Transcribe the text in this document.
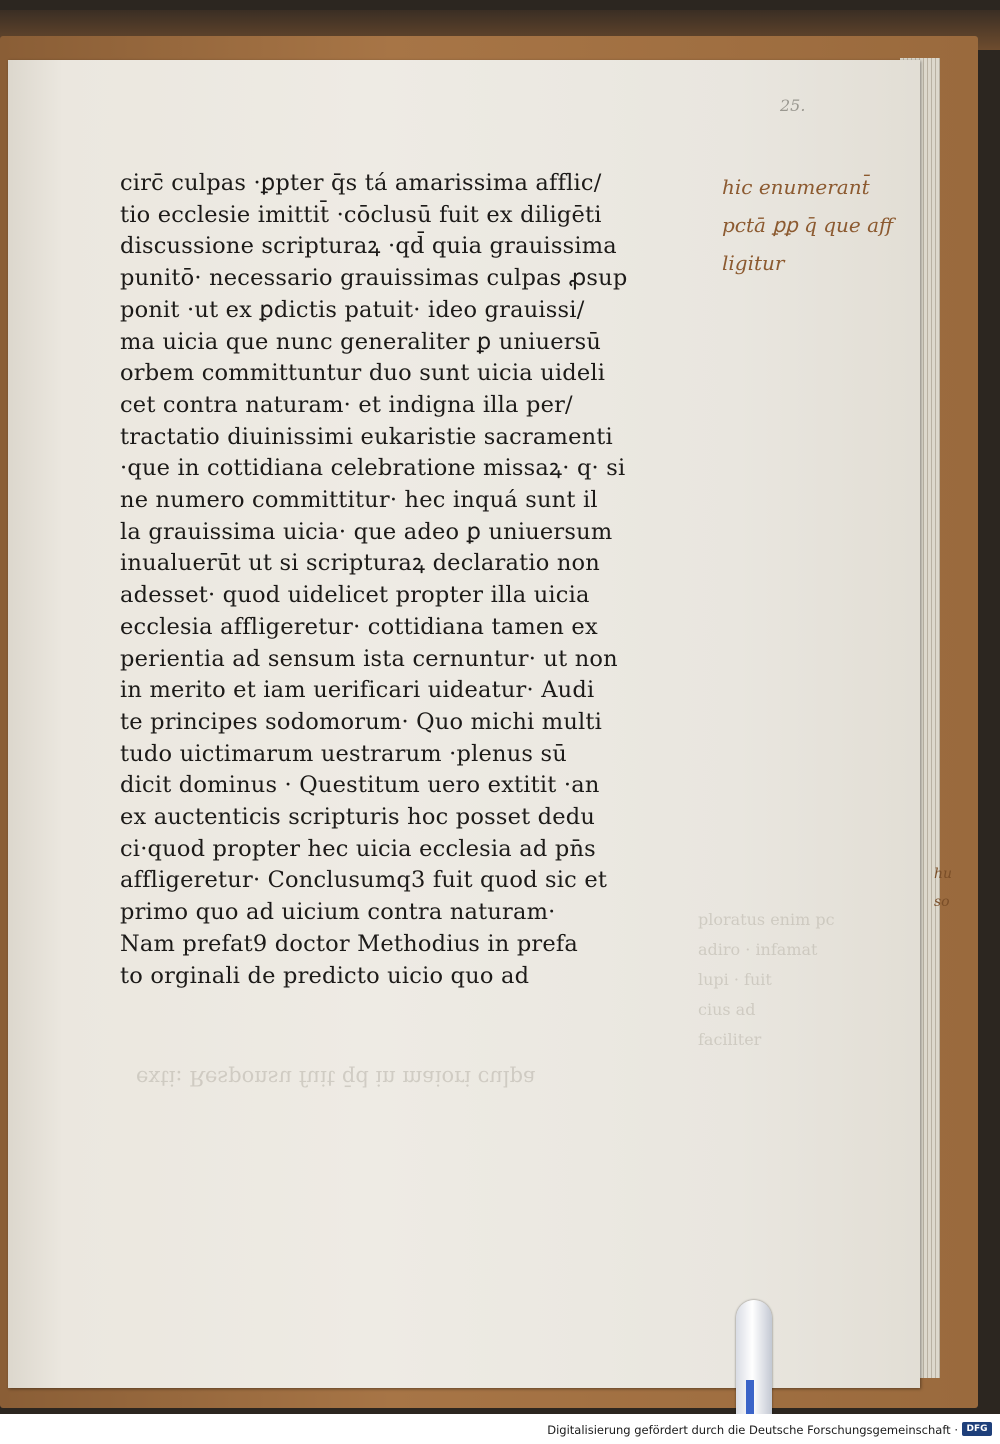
25.
exti: Responsu fuit q̄d in maiori culpa
ploratus enim pc
adiro · infamat
lupi · fuit
cius ad
faciliter
circ̄ culpas ·ꝑpter q̄s tá amarissima afflic/
tio ecclesie imittit̄ ·cōclusū fuit ex diligēti
discussione scripturaꝝ ·qd̄ quia grauissima
punitō· necessario grauissimas culpas ꝓsup
ponit ·ut ex ꝑdictis patuit· ideo grauissi/
ma uicia que nunc generaliter ꝑ uniuersū
orbem committuntur duo sunt uicia uideli
cet contra naturam· et indigna illa per/
tractatio diuinissimi eukaristie sacramenti
·que in cottidiana celebratione missaꝝ· q· si
ne numero committitur· hec inquá sunt il
la grauissima uicia· que adeo ꝑ uniuersum
inualuerūt ut si scripturaꝝ declaratio non
adesset· quod uidelicet propter illa uicia
ecclesia affligeretur· cottidiana tamen ex
perientia ad sensum ista cernuntur· ut non
in merito et iam uerificari uideatur· Audi
te principes sodomorum· Quo michi multi
tudo uictimarum uestrarum ·plenus sū
dicit dominus · Questitum uero extitit ·an
ex auctenticis scripturis hoc posset dedu
ci·quod propter hec uicia ecclesia ad pn̄s
affligeretur· Conclusumq3 fuit quod sic et
primo quo ad uicium contra naturam·
Nam prefat9 doctor Methodius in prefa
to orginali de predicto uicio quo ad
hic enumerant̄
pctā ꝑꝑ q̄ que aff
ligitur
hu
so
Digitalisierung gefördert durch die Deutsche Forschungsgemeinschaft · DFG
